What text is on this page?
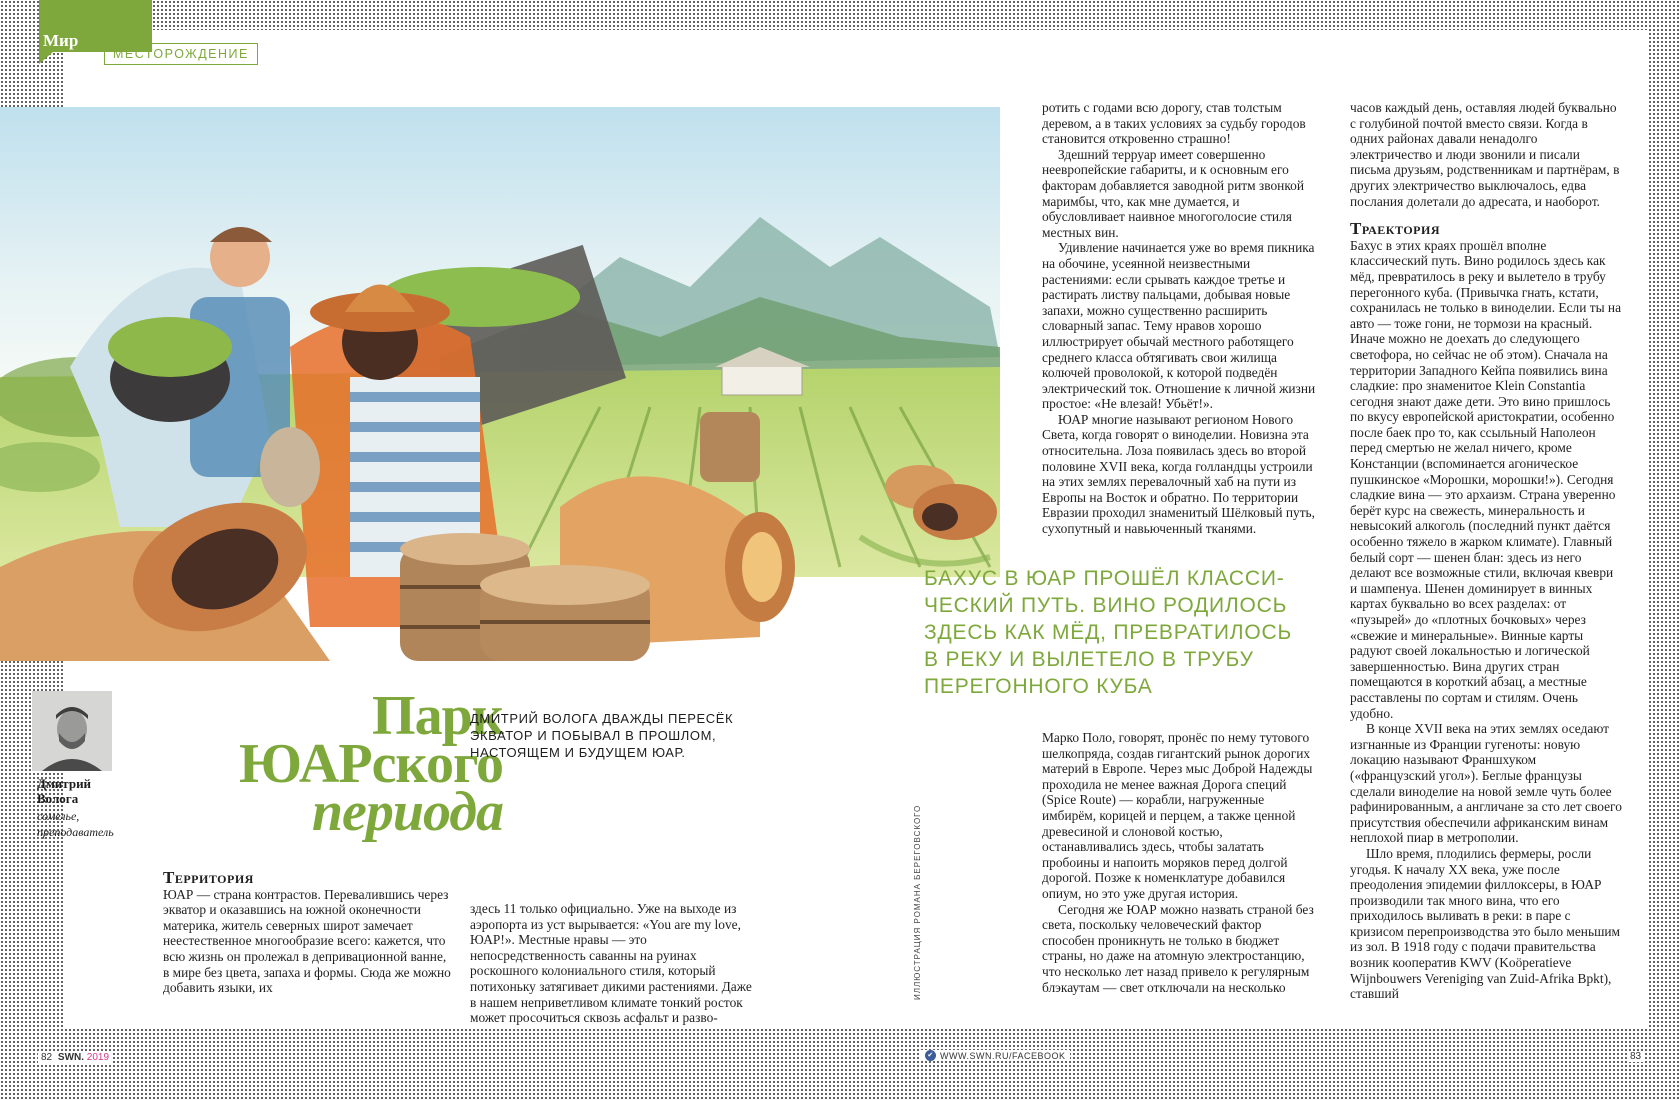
Мир
МЕСТОРОЖДЕНИЕ
Дмитрий
Вологa
сомелье,
преподаватель
Парк
ЮАРского
периода
ДМИТРИЙ ВОЛОГА ДВАЖДЫ ПЕРЕСЁК ЭКВАТОР И ПОБЫВАЛ В ПРОШЛОМ, НАСТОЯЩЕМ И БУДУЩЕМ ЮАР.
Территория

ЮАР — страна контрастов. Перевалившись через экватор и оказавшись на южной оконечности материка, житель северных широт замечает неестественное многообразие всего: кажется, что всю жизнь он пролежал в депривационной ванне, в мире без цвета, запаха и формы. Сюда же можно добавить языки, их

здесь 11 только официально. Уже на выходе из аэропорта из уст вырывается: «You are my love, ЮАР!». Местные нравы — это непосредственность саванны на руинах роскошного колониального стиля, который потихоньку затягивает дикими растениями. Даже в нашем неприветливом климате тонкий росток может просочиться сквозь асфальт и разво-

ИЛЛЮСТРАЦИЯ РОМАНА БЕРЕГОВСКОГО

ротить с годами всю дорогу, став толстым деревом, а в таких условиях за судьбу городов становится откровенно страшно!

Здешний терруар имеет совершенно неевропейские габариты, и к основным его факторам добавляется заводной ритм звонкой маримбы, что, как мне думается, и обусловливает наивное многоголосие стиля местных вин.

Удивление начинается уже во время пикника на обочине, усеянной неизвестными растениями: если срывать каждое третье и растирать листву пальцами, добывая новые запахи, можно существенно расширить словарный запас. Тему нравов хорошо иллюстрирует обычай местного работящего среднего класса обтягивать свои жилища колючей проволокой, к которой подведён электрический ток. Отношение к личной жизни простое: «Не влезай! Убьёт!».

ЮАР многие называют регионом Нового Света, когда говорят о виноделии. Новизна эта относительна. Лоза появилась здесь во второй половине XVII века, когда голландцы устроили на этих землях перевалочный хаб на пути из Европы на Восток и обратно. По территории Евразии проходил знаменитый Шёлковый путь, сухопутный и навьюченный тканями.

БАХУС В ЮАР ПРОШЁЛ КЛАССИ-ЧЕСКИЙ ПУТЬ. ВИНО РОДИЛОСЬ ЗДЕСЬ КАК МЁД, ПРЕВРАТИЛОСЬ В РЕКУ И ВЫЛЕТЕЛО В ТРУБУ ПЕРЕГОННОГО КУБА

Марко Поло, говорят, пронёс по нему тутового шелкопряда, создав гигантский рынок дорогих материй в Европе. Через мыс Доброй Надежды проходила не менее важная Дорога специй (Spice Route) — корабли, нагруженные имбирём, корицей и перцем, а также ценной древесиной и слоновой костью, останавливались здесь, чтобы залатать пробоины и напоить моряков перед долгой дорогой. Позже к номенклатуре добавился опиум, но это уже другая история.

Сегодня же ЮАР можно назвать страной без света, поскольку человеческий фактор способен проникнуть не только в бюджет страны, но даже на атомную электростанцию, что несколько лет назад привело к регулярным блэкаутам — свет отключали на несколько

часов каждый день, оставляя людей буквально с голубиной почтой вместо связи. Когда в одних районах давали ненадолго электричество и люди звонили и писали письма друзьям, родственникам и партнёрам, в других электричество выключалось, едва послания долетали до адресата, и наоборот.

Траектория

Бахус в этих краях прошёл вполне классический путь. Вино родилось здесь как мёд, превратилось в реку и вылетело в трубу перегонного куба. (Привычка гнать, кстати, сохранилась не только в виноделии. Если ты на авто — тоже гони, не тормози на красный. Иначе можно не доехать до следующего светофора, но сейчас не об этом). Сначала на территории Западного Кейпа появились вина сладкие: про знаменитое Klein Constantia сегодня знают даже дети. Это вино пришлось по вкусу европейской аристократии, особенно после баек про то, как ссыльный Наполеон перед смертью не желал ничего, кроме Констанции (вспоминается агоническое пушкинское «Морошки, морошки!»). Сегодня сладкие вина — это архаизм. Страна уверенно берёт курс на свежесть, минеральность и невысокий алкоголь (последний пункт даётся особенно тяжело в жарком климате). Главный белый сорт — шенен блан: здесь из него делают все возможные стили, включая квеври и шампенуа. Шенен доминирует в винных картах буквально во всех разделах: от «пузырей» до «плотных бочковых» через «свежие и минеральные». Винные карты радуют своей локальностью и логической завершенностью. Вина других стран помещаются в короткий абзац, а местные расставлены по сортам и стилям. Очень удобно.

В конце XVII века на этих землях оседают изгнанные из Франции гугеноты: новую локацию называют Франшхуком («французский угол»). Беглые французы сделали виноделие на новой земле чуть более рафинированным, а англичане за сто лет своего присутствия обеспечили африканским винам неплохой пиар в метрополии.

Шло время, плодились фермеры, росли угодья. К началу XX века, уже после преодоления эпидемии филлоксеры, в ЮАР производили так много вина, что его приходилось выливать в реки: в паре с кризисом перепроизводства это было меньшим из зол. В 1918 году с подачи правительства возник кооператив KWV (Koöperatieve Wijnbouwers Vereniging van Zuid-Afrika Bpkt), ставший

82 SWN. 2019	✔ WWW.SWN.RU/FACEBOOK	83
